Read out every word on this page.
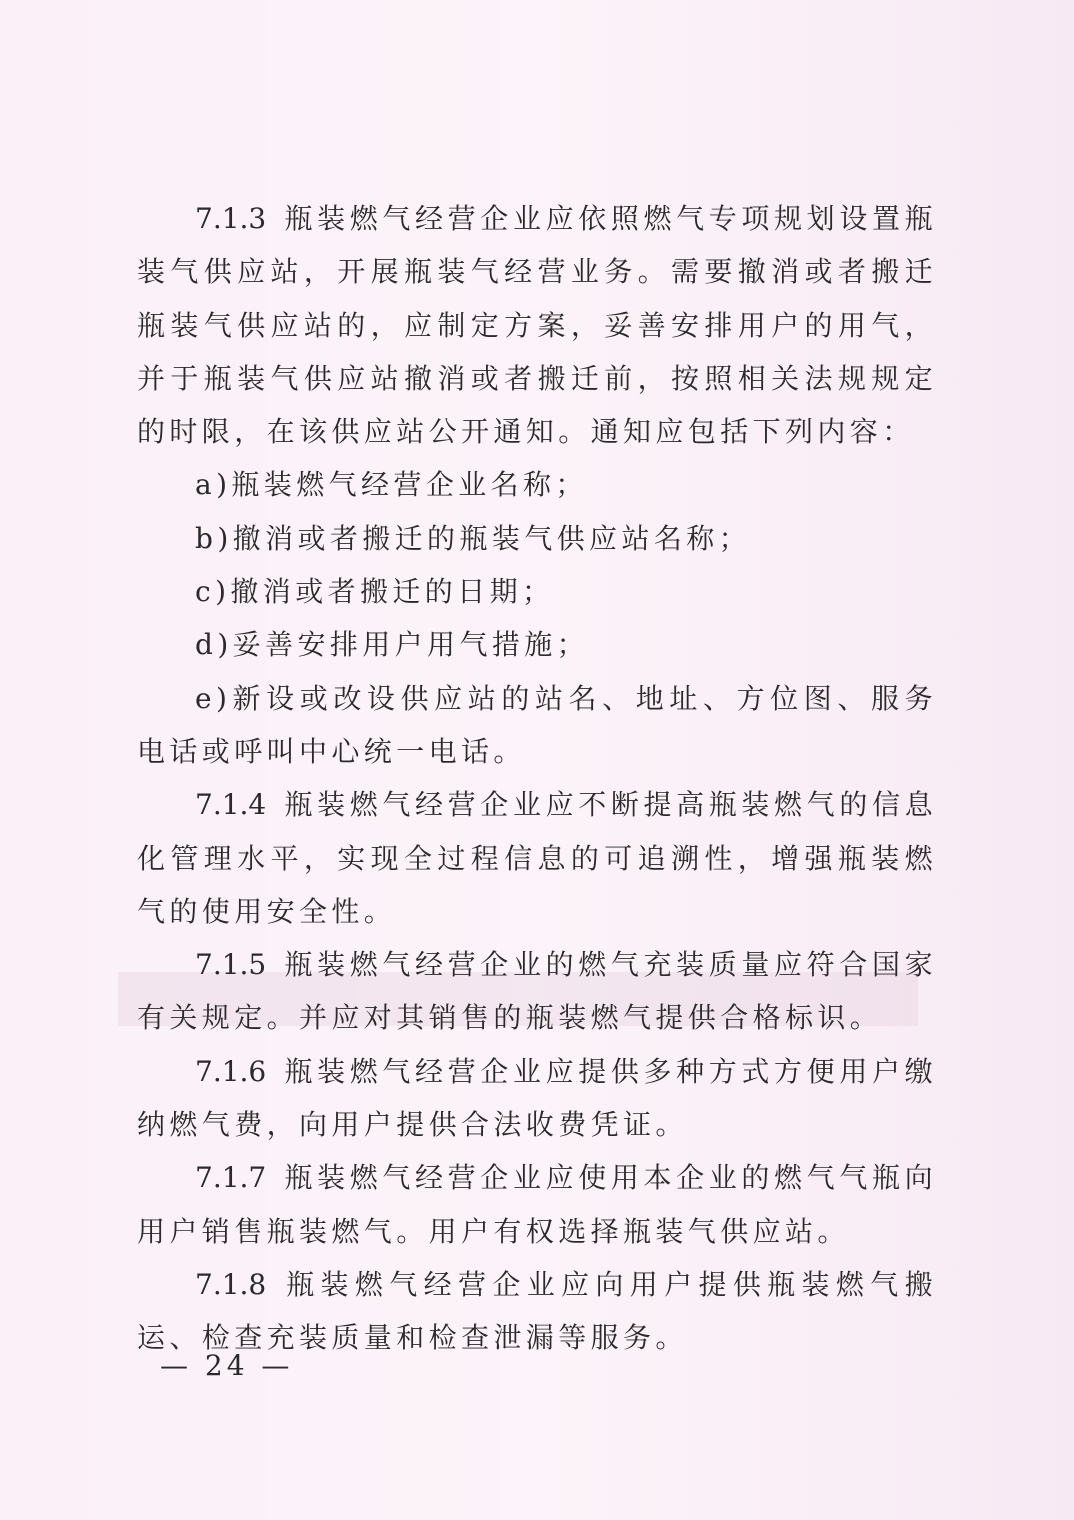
7.1.3 瓶装燃气经营企业应依照燃气专项规划设置瓶装气供应站，开展瓶装气经营业务。需要撤消或者搬迁瓶装气供应站的，应制定方案，妥善安排用户的用气，并于瓶装气供应站撤消或者搬迁前，按照相关法规规定的时限，在该供应站公开通知。通知应包括下列内容：

a)瓶装燃气经营企业名称；

b)撤消或者搬迁的瓶装气供应站名称；

c)撤消或者搬迁的日期；

d)妥善安排用户用气措施；

e)新设或改设供应站的站名、地址、方位图、服务电话或呼叫中心统一电话。

7.1.4 瓶装燃气经营企业应不断提高瓶装燃气的信息化管理水平，实现全过程信息的可追溯性，增强瓶装燃气的使用安全性。

7.1.5 瓶装燃气经营企业的燃气充装质量应符合国家有关规定。并应对其销售的瓶装燃气提供合格标识。

7.1.6 瓶装燃气经营企业应提供多种方式方便用户缴纳燃气费，向用户提供合法收费凭证。

7.1.7 瓶装燃气经营企业应使用本企业的燃气气瓶向用户销售瓶装燃气。用户有权选择瓶装气供应站。

7.1.8 瓶装燃气经营企业应向用户提供瓶装燃气搬运、检查充装质量和检查泄漏等服务。

— 24 —
